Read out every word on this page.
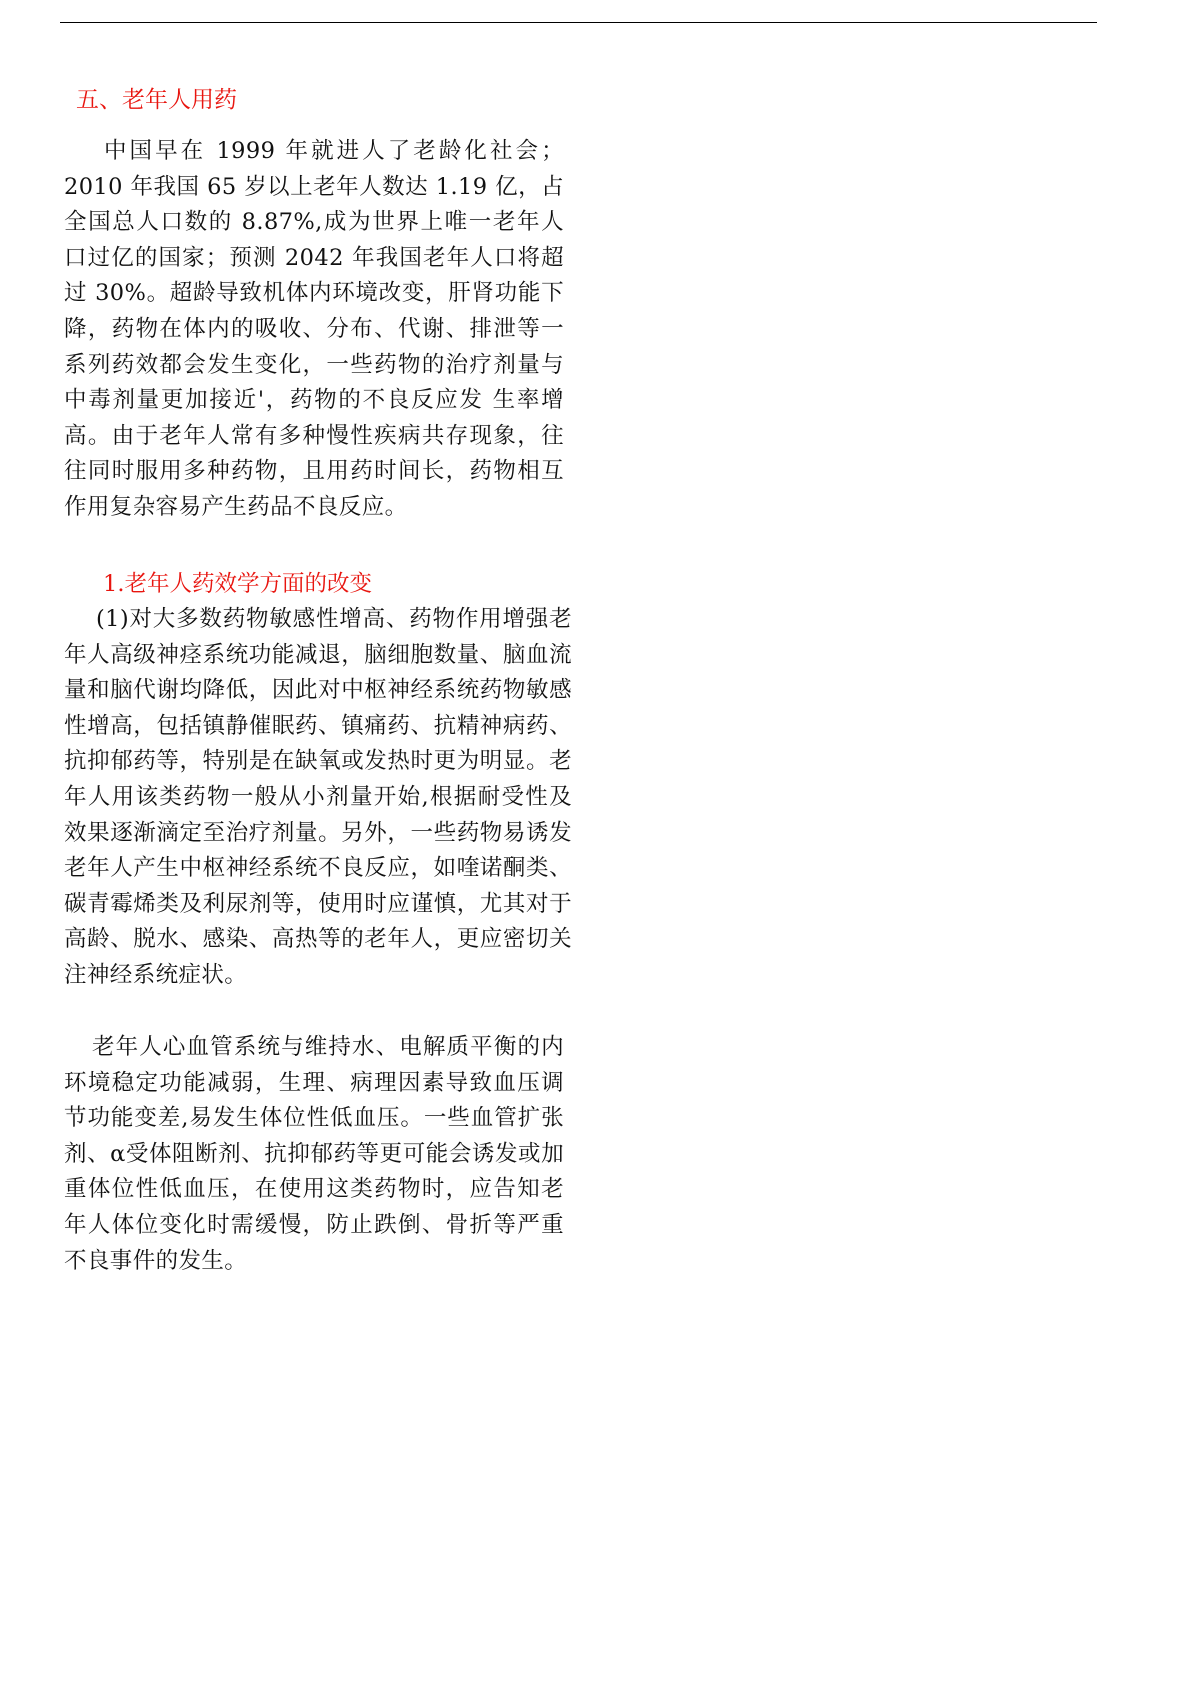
五、老年人用药

中国早在 1999 年就进人了老龄化社会；2010 年我国 65 岁以上老年人数达 1.19 亿，占全国总人口数的 8.87%,成为世界上唯一老年人口过亿的国家；预测 2042 年我国老年人口将超过 30%。超龄导致机体内环境改变，肝肾功能下降，药物在体内的吸收、分布、代谢、排泄等一系列药效都会发生变化，一些药物的治疗剂量与中毒剂量更加接近'，药物的不良反应发 生率增高。由于老年人常有多种慢性疾病共存现象，往往同时服用多种药物，且用药时间长，药物相互作用复杂容易产生药品不良反应。

1.老年人药效学方面的改变

(1)对大多数药物敏感性增高、药物作用增强老年人高级神痉系统功能减退，脑细胞数量、脑血流量和脑代谢均降低，因此对中枢神经系统药物敏感性增高，包括镇静催眠药、镇痛药、抗精神病药、抗抑郁药等，特别是在缺氧或发热时更为明显。老年人用该类药物一般从小剂量开始,根据耐受性及效果逐渐滴定至治疗剂量。另外，一些药物易诱发老年人产生中枢神经系统不良反应，如喹诺酮类、碳青霉烯类及利尿剂等，使用时应谨慎，尤其对于高龄、脱水、感染、高热等的老年人，更应密切关注神经系统症状。

老年人心血管系统与维持水、电解质平衡的内环境稳定功能减弱，生理、病理因素导致血压调节功能变差,易发生体位性低血压。一些血管扩张剂、α受体阻断剂、抗抑郁药等更可能会诱发或加重体位性低血压，在使用这类药物时，应告知老年人体位变化时需缓慢，防止跌倒、骨折等严重不良事件的发生。
